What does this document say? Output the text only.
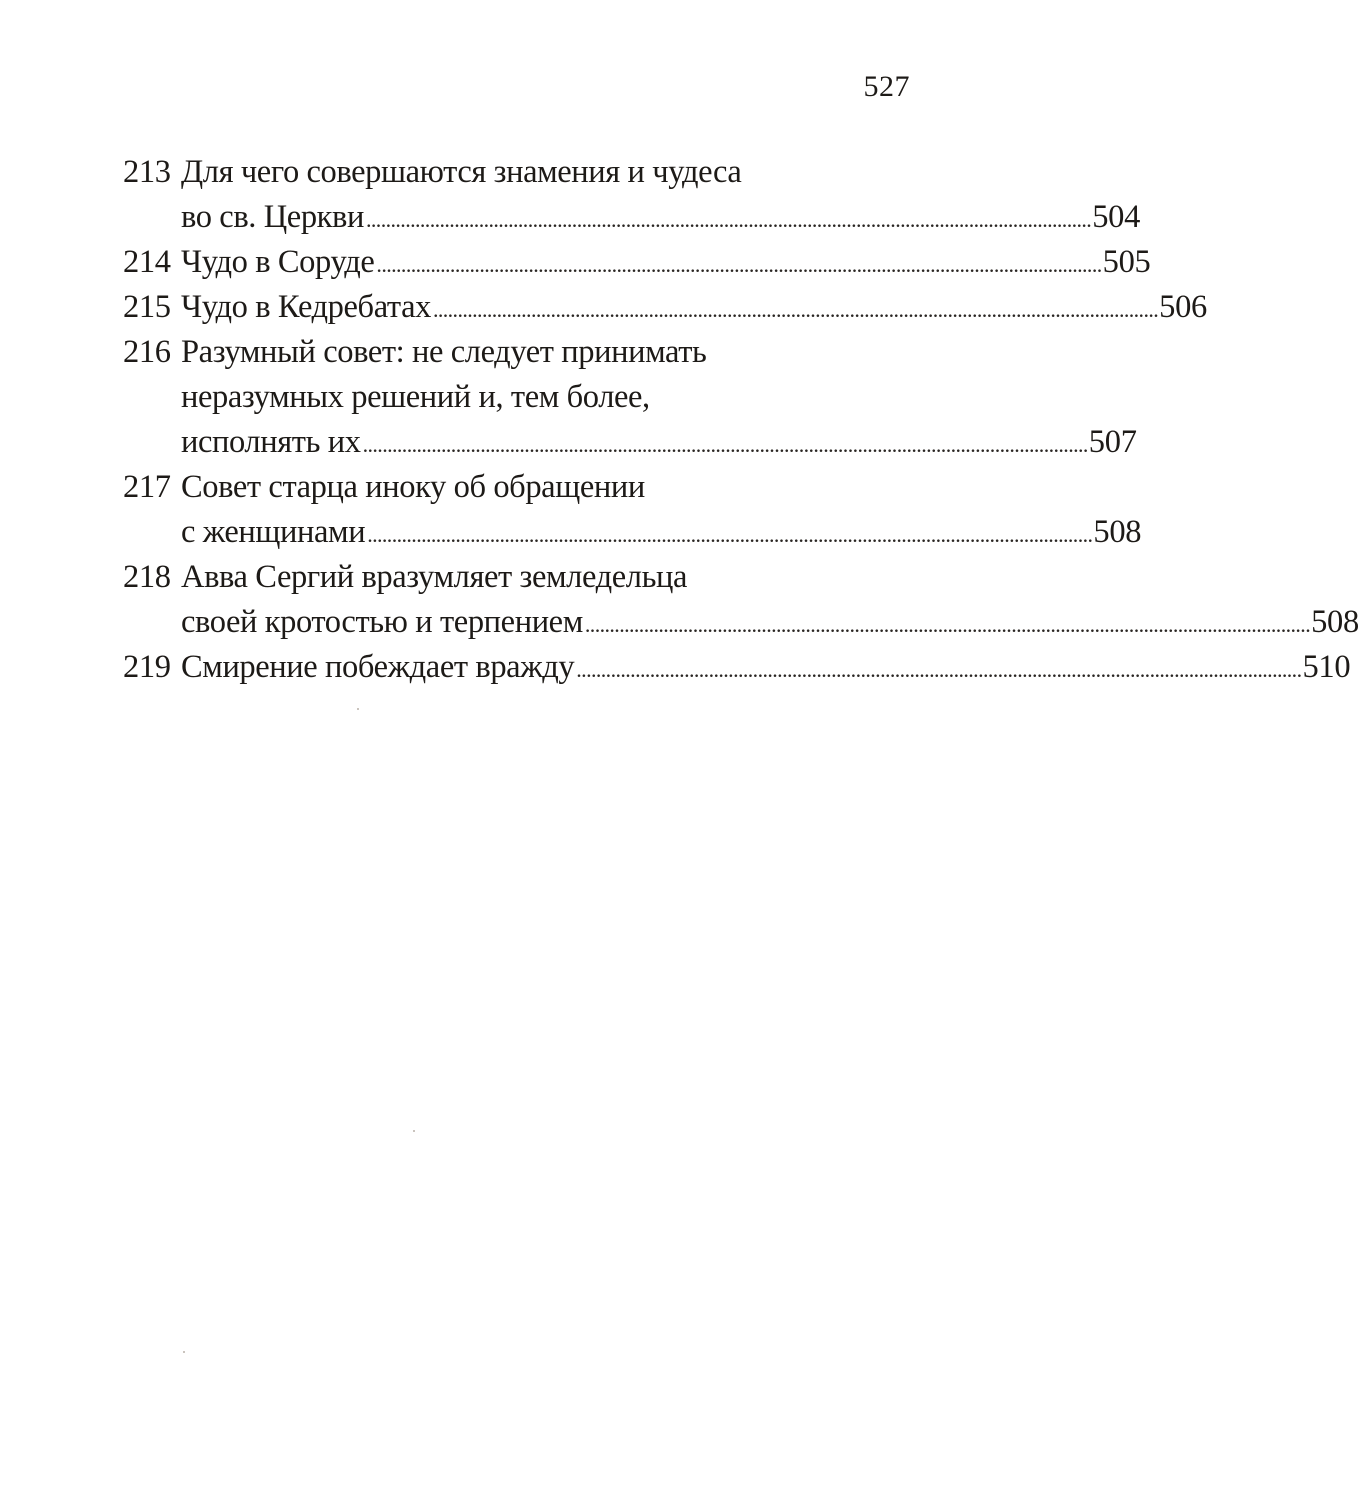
527
213 Для чего совершаются знамения и чудеса
во св. Церкви .................................................................................................................................................... 504
214 Чудо в Соруде .................................................................................................................................................... 505
215 Чудо в Кедребатах .................................................................................................................................................... 506
216 Разумный совет: не следует принимать
неразумных решений и, тем более,
исполнять их .................................................................................................................................................... 507
217 Совет старца иноку об обращении
с женщинами .................................................................................................................................................... 508
218 Авва Сергий вразумляет земледельца
своей кротостью и терпением .................................................................................................................................................... 508
219 Смирение побеждает вражду .................................................................................................................................................... 510
